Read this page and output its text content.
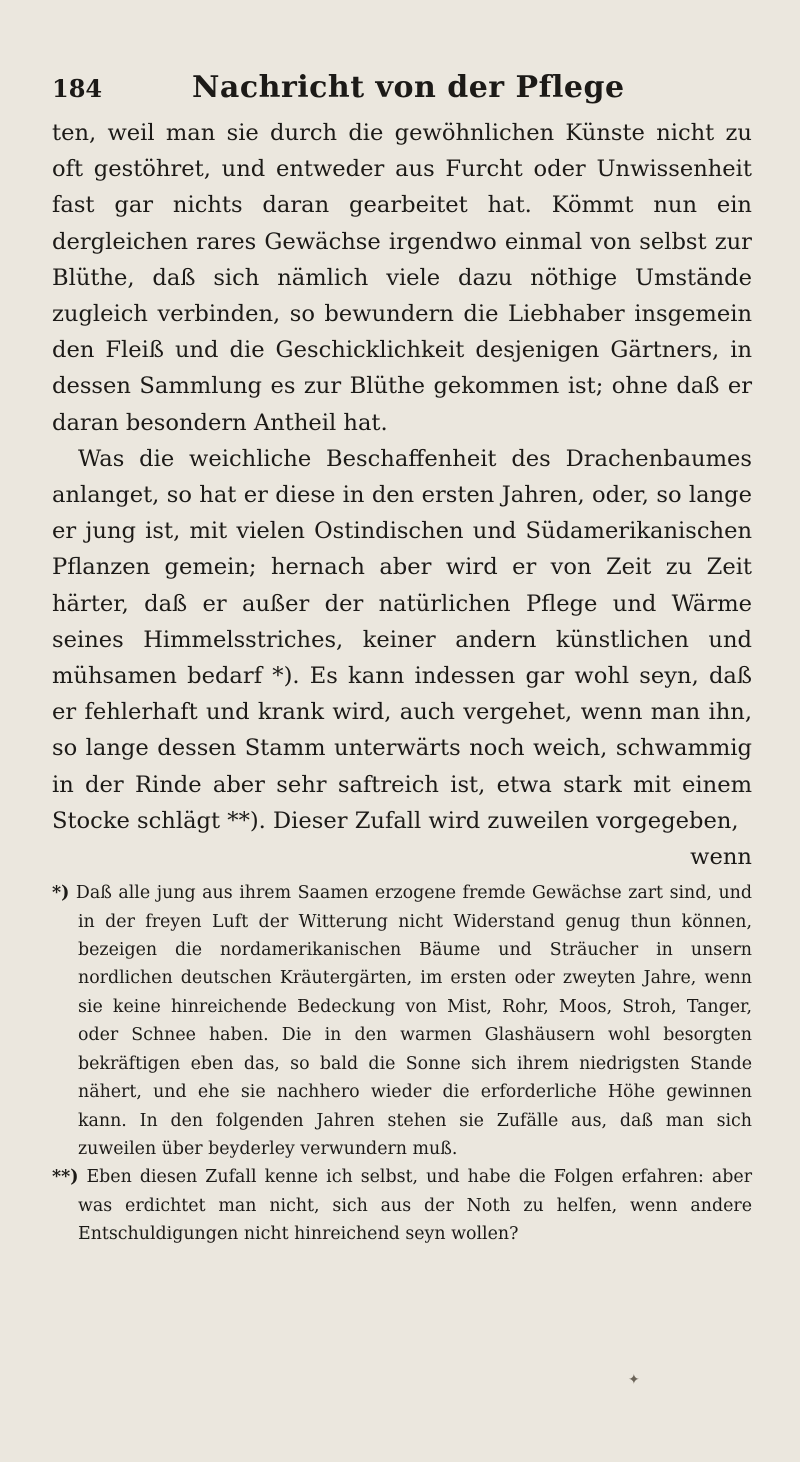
184	Nachricht von der Pflege

ten, weil man sie durch die gewöhnlichen Künste nicht zu oft gestöhret, und entweder aus Furcht oder Unwissenheit fast gar nichts daran gearbeitet hat. Kömmt nun ein dergleichen rares Gewächse irgendwo einmal von selbst zur Blüthe, daß sich nämlich viele dazu nöthige Umstände zugleich verbinden, so bewundern die Liebhaber insgemein den Fleiß und die Geschicklichkeit desjenigen Gärtners, in dessen Sammlung es zur Blüthe gekommen ist; ohne daß er daran besondern Antheil hat.

Was die weichliche Beschaffenheit des Drachenbaumes anlanget, so hat er diese in den ersten Jahren, oder, so lange er jung ist, mit vielen Ostindischen und Südamerikanischen Pflanzen gemein; hernach aber wird er von Zeit zu Zeit härter, daß er außer der natürlichen Pflege und Wärme seines Himmelsstriches, keiner andern künstlichen und mühsamen bedarf *). Es kann indessen gar wohl seyn, daß er fehlerhaft und krank wird, auch vergehet, wenn man ihn, so lange dessen Stamm unterwärts noch weich, schwammig in der Rinde aber sehr saftreich ist, etwa stark mit einem Stocke schlägt **). Dieser Zufall wird zuweilen vorgegeben,

wenn

*) Daß alle jung aus ihrem Saamen erzogene fremde Gewächse zart sind, und in der freyen Luft der Witterung nicht Widerstand genug thun können, bezeigen die nordamerikanischen Bäume und Sträucher in unsern nordlichen deutschen Kräutergärten, im ersten oder zweyten Jahre, wenn sie keine hinreichende Bedeckung von Mist, Rohr, Moos, Stroh, Tanger, oder Schnee haben. Die in den warmen Glashäusern wohl besorgten bekräftigen eben das, so bald die Sonne sich ihrem niedrigsten Stande nähert, und ehe sie nachhero wieder die erforderliche Höhe gewinnen kann. In den folgenden Jahren stehen sie Zufälle aus, daß man sich zuweilen über beyderley verwundern muß.

**) Eben diesen Zufall kenne ich selbst, und habe die Folgen erfahren: aber was erdichtet man nicht, sich aus der Noth zu helfen, wenn andere Entschuldigungen nicht hinreichend seyn wollen?

✦
